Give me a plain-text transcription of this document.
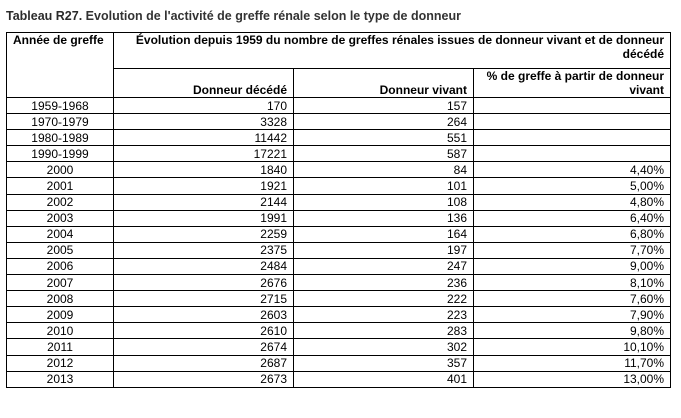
Tableau R27. Evolution de l'activité de greffe rénale selon le type de donneur
Année de greffe	Évolution depuis 1959 du nombre de greffes rénales issues de donneur vivant et de donneur décédé		
	Donneur décédé	Donneur vivant	% de greffe à partir de donneur vivant
1959-1968	170	157	
1970-1979	3328	264	
1980-1989	11442	551	
1990-1999	17221	587	
2000	1840	84	4,40%
2001	1921	101	5,00%
2002	2144	108	4,80%
2003	1991	136	6,40%
2004	2259	164	6,80%
2005	2375	197	7,70%
2006	2484	247	9,00%
2007	2676	236	8,10%
2008	2715	222	7,60%
2009	2603	223	7,90%
2010	2610	283	9,80%
2011	2674	302	10,10%
2012	2687	357	11,70%
2013	2673	401	13,00%
